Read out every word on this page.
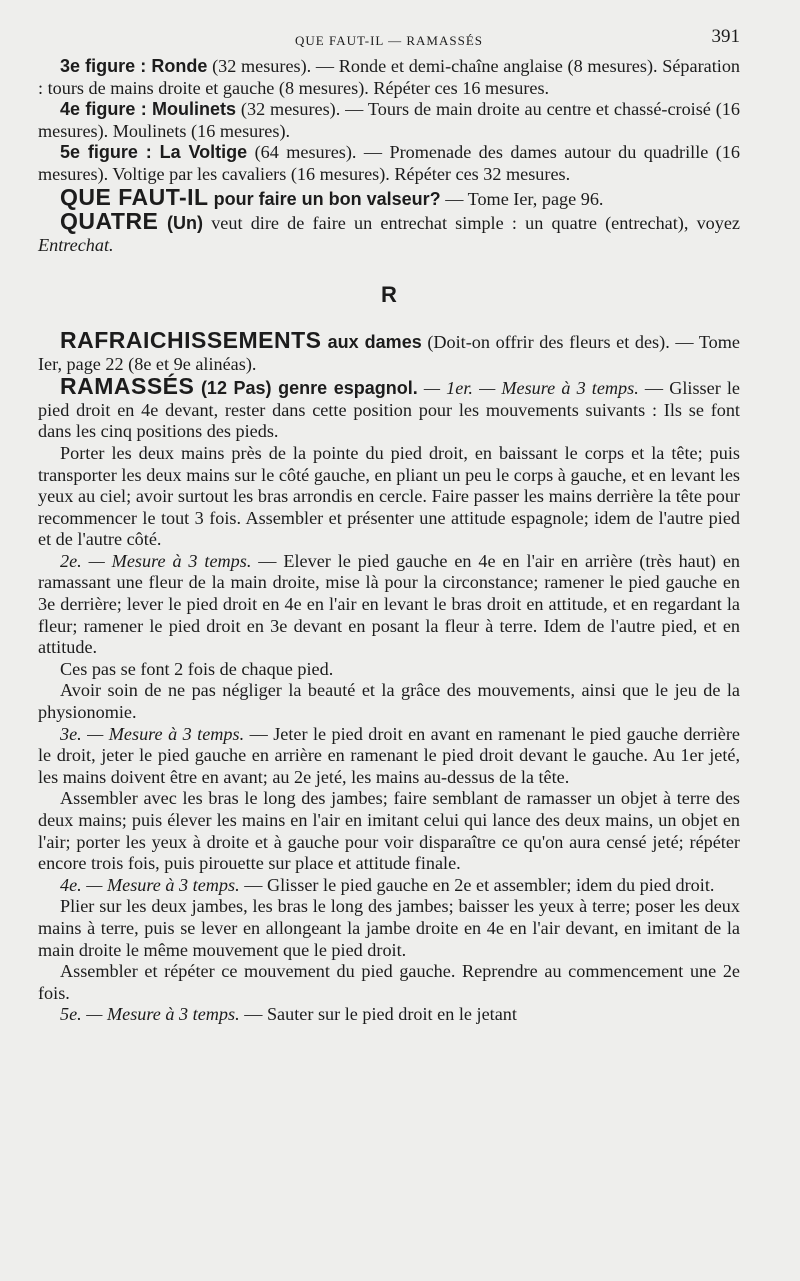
QUE FAUT-IL — RAMASSÉS	391

3e figure : Ronde (32 mesures). — Ronde et demi-chaîne anglaise (8 mesures). Séparation : tours de mains droite et gauche (8 mesures). Répéter ces 16 mesures.

4e figure : Moulinets (32 mesures). — Tours de main droite au centre et chassé-croisé (16 mesures). Moulinets (16 mesures).

5e figure : La Voltige (64 mesures). — Promenade des dames autour du quadrille (16 mesures). Voltige par les cavaliers (16 mesures). Répéter ces 32 mesures.

QUE FAUT-IL pour faire un bon valseur? — Tome Ier, page 96.

QUATRE (Un) veut dire de faire un entrechat simple : un quatre (entrechat), voyez Entrechat.

R

RAFRAICHISSEMENTS aux dames (Doit-on offrir des fleurs et des). — Tome Ier, page 22 (8e et 9e alinéas).

RAMASSÉS (12 Pas) genre espagnol. — 1er. — Mesure à 3 temps. — Glisser le pied droit en 4e devant, rester dans cette position pour les mouvements suivants : Ils se font dans les cinq positions des pieds.

Porter les deux mains près de la pointe du pied droit, en baissant le corps et la tête; puis transporter les deux mains sur le côté gauche, en pliant un peu le corps à gauche, et en levant les yeux au ciel; avoir surtout les bras arrondis en cercle. Faire passer les mains derrière la tête pour recommencer le tout 3 fois. Assembler et présenter une attitude espagnole; idem de l'autre pied et de l'autre côté.

2e. — Mesure à 3 temps. — Elever le pied gauche en 4e en l'air en arrière (très haut) en ramassant une fleur de la main droite, mise là pour la circonstance; ramener le pied gauche en 3e derrière; lever le pied droit en 4e en l'air en levant le bras droit en attitude, et en regardant la fleur; ramener le pied droit en 3e devant en posant la fleur à terre. Idem de l'autre pied, et en attitude.

Ces pas se font 2 fois de chaque pied.

Avoir soin de ne pas négliger la beauté et la grâce des mouvements, ainsi que le jeu de la physionomie.

3e. — Mesure à 3 temps. — Jeter le pied droit en avant en ramenant le pied gauche derrière le droit, jeter le pied gauche en arrière en ramenant le pied droit devant le gauche. Au 1er jeté, les mains doivent être en avant; au 2e jeté, les mains au-dessus de la tête.

Assembler avec les bras le long des jambes; faire semblant de ramasser un objet à terre des deux mains; puis élever les mains en l'air en imitant celui qui lance des deux mains, un objet en l'air; porter les yeux à droite et à gauche pour voir disparaître ce qu'on aura censé jeté; répéter encore trois fois, puis pirouette sur place et attitude finale.

4e. — Mesure à 3 temps. — Glisser le pied gauche en 2e et assembler; idem du pied droit.

Plier sur les deux jambes, les bras le long des jambes; baisser les yeux à terre; poser les deux mains à terre, puis se lever en allongeant la jambe droite en 4e en l'air devant, en imitant de la main droite le même mouvement que le pied droit.

Assembler et répéter ce mouvement du pied gauche. Reprendre au commencement une 2e fois.

5e. — Mesure à 3 temps. — Sauter sur le pied droit en le jetant
